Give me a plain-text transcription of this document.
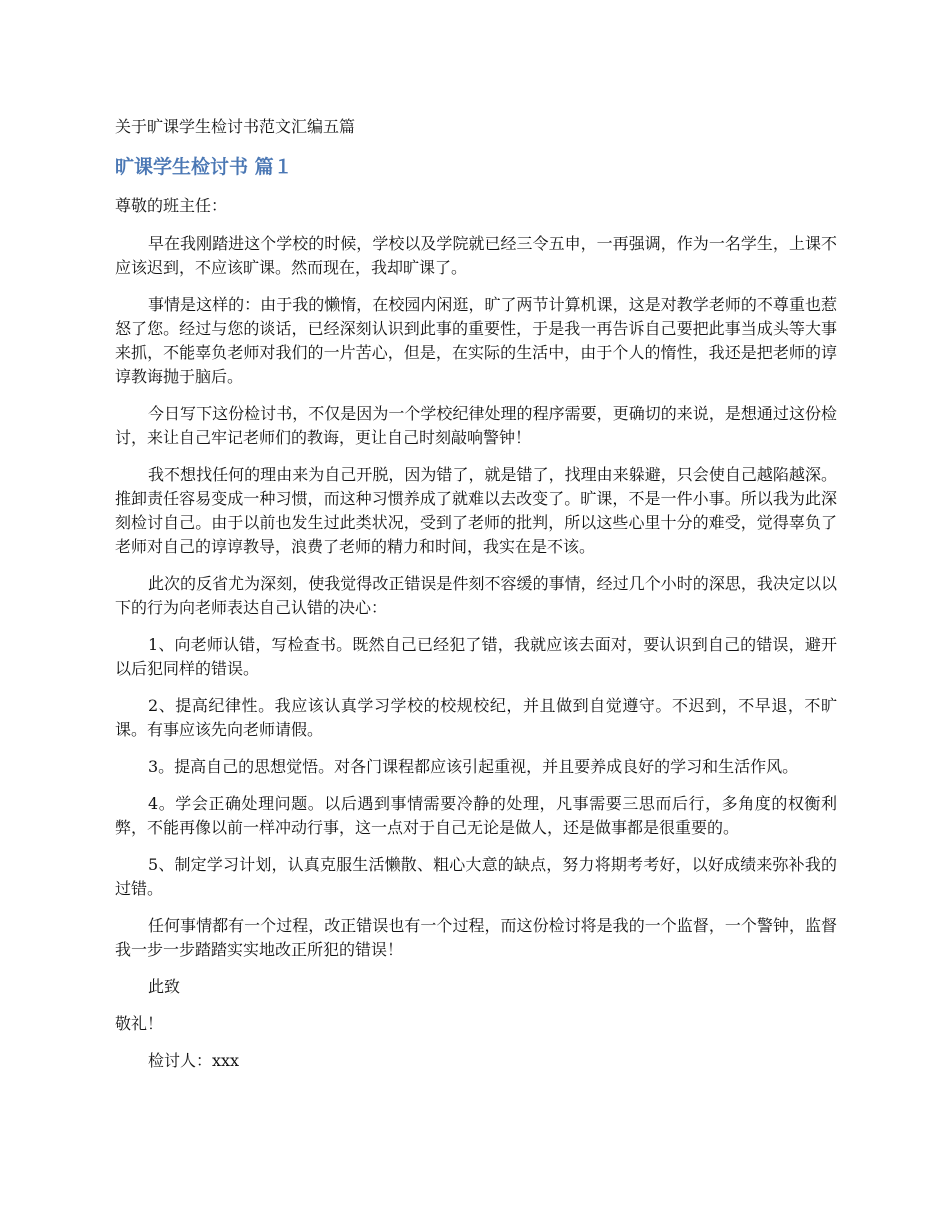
关于旷课学生检讨书范文汇编五篇
旷课学生检讨书 篇１
尊敬的班主任：

早在我刚踏进这个学校的时候，学校以及学院就已经三令五申，一再强调，作为一名学生，上课不应该迟到，不应该旷课。然而现在，我却旷课了。

事情是这样的：由于我的懒惰，在校园内闲逛，旷了两节计算机课，这是对教学老师的不尊重也惹怒了您。经过与您的谈话，已经深刻认识到此事的重要性，于是我一再告诉自己要把此事当成头等大事来抓，不能辜负老师对我们的一片苦心，但是，在实际的生活中，由于个人的惰性，我还是把老师的谆谆教诲抛于脑后。

今日写下这份检讨书，不仅是因为一个学校纪律处理的程序需要，更确切的来说，是想通过这份检讨，来让自己牢记老师们的教诲，更让自己时刻敲响警钟！

我不想找任何的理由来为自己开脱，因为错了，就是错了，找理由来躲避，只会使自己越陷越深。推卸责任容易变成一种习惯，而这种习惯养成了就难以去改变了。旷课，不是一件小事。所以我为此深刻检讨自己。由于以前也发生过此类状况，受到了老师的批判，所以这些心里十分的难受，觉得辜负了老师对自己的谆谆教导，浪费了老师的精力和时间，我实在是不该。

此次的反省尤为深刻，使我觉得改正错误是件刻不容缓的事情，经过几个小时的深思，我决定以以下的行为向老师表达自己认错的决心：

1、向老师认错，写检查书。既然自己已经犯了错，我就应该去面对，要认识到自己的错误，避开以后犯同样的错误。

2、提高纪律性。我应该认真学习学校的校规校纪，并且做到自觉遵守。不迟到，不早退，不旷课。有事应该先向老师请假。

3。提高自己的思想觉悟。对各门课程都应该引起重视，并且要养成良好的学习和生活作风。

4。学会正确处理问题。以后遇到事情需要冷静的处理，凡事需要三思而后行，多角度的权衡利弊，不能再像以前一样冲动行事，这一点对于自己无论是做人，还是做事都是很重要的。

5、制定学习计划，认真克服生活懒散、粗心大意的缺点，努力将期考考好，以好成绩来弥补我的过错。

任何事情都有一个过程，改正错误也有一个过程，而这份检讨将是我的一个监督，一个警钟，监督我一步一步踏踏实实地改正所犯的错误！

此致

敬礼！

检讨人：xxx
